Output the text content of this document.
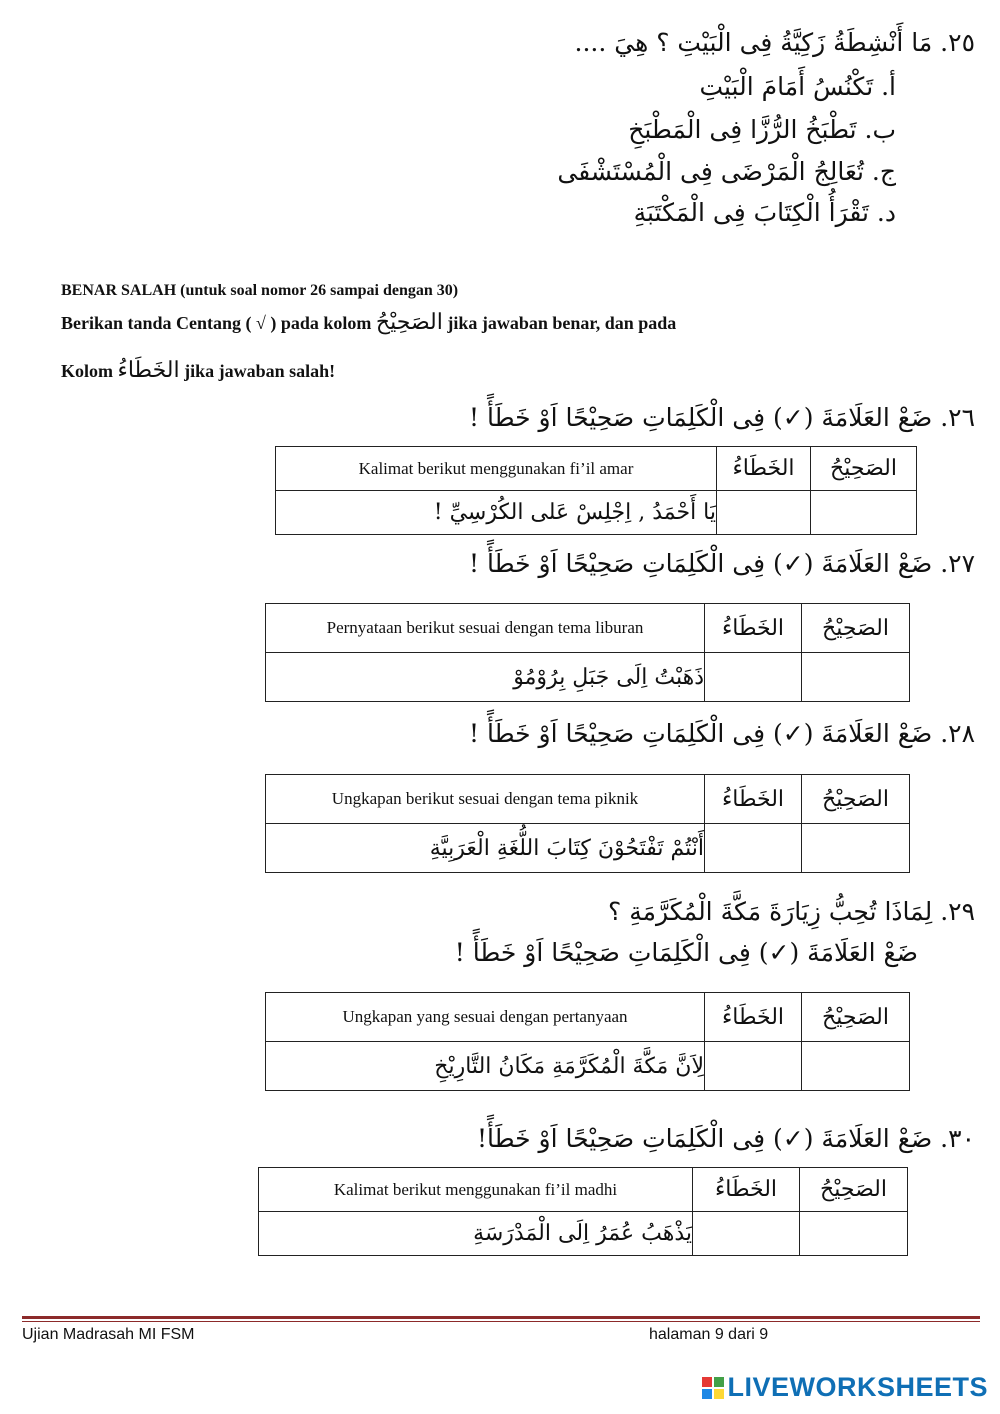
٢٥. مَا أَنْشِطَةُ زَكِيَّةُ فِى الْبَيْتِ ؟ هِيَ ....
أ. تَكْنُسُ أَمَامَ الْبَيْتِ
ب. تَطْبَخُ الرُّزَّا فِى الْمَطْبَخِ
ج. تُعَالِجُ الْمَرْضَى فِى الْمُسْتَشْفَى
د. تَقْرَأُ الْكِتَابَ فِى الْمَكْتَبَةِ
BENAR SALAH (untuk soal nomor 26 sampai dengan 30)
Berikan tanda Centang ( √ ) pada kolom الصَحِيْحُ jika jawaban benar, dan pada
Kolom الخَطَاءُ jika jawaban salah!
٢٦. ضَعْ العَلَامَةَ (✓) فِى الْكَلِمَاتِ صَحِيْحًا اَوْ خَطَأً !
Kalimat berikut menggunakan fi’il amar	الخَطَاءُ	الصَحِيْحُ
يَا أَحْمَدُ , اِجْلِسْ عَلى الكُرْسِيِّ !		
٢٧. ضَعْ العَلَامَةَ (✓) فِى الْكَلِمَاتِ صَحِيْحًا اَوْ خَطَأً !
Pernyataan berikut sesuai dengan tema liburan	الخَطَاءُ	الصَحِيْحُ
ذَهَبْتُ اِلَى جَبَلِ بِرُوْمُوْ		
٢٨. ضَعْ العَلَامَةَ (✓) فِى الْكَلِمَاتِ صَحِيْحًا اَوْ خَطَأً !
Ungkapan berikut sesuai dengan tema piknik	الخَطَاءُ	الصَحِيْحُ
أَنْتُمْ تَفْتَحُوْنَ كِتَابَ اللُّغَةِ الْعَرَبِيَّةِ		
٢٩. لِمَاذَا تُحِبُّ زِيَارَةَ مَكَّةَ الْمُكَرَّمَةِ ؟
ضَعْ العَلَامَةَ (✓) فِى الْكَلِمَاتِ صَحِيْحًا اَوْ خَطَأً !
Ungkapan yang sesuai dengan pertanyaan	الخَطَاءُ	الصَحِيْحُ
لِاَنَّ مَكَّةَ الْمُكَرَّمَةِ مَكَانُ التَّارِيْخِ		
٣٠. ضَعْ العَلَامَةَ (✓) فِى الْكَلِمَاتِ صَحِيْحًا اَوْ خَطَأً!
Kalimat berikut menggunakan fi’il madhi	الخَطَاءُ	الصَحِيْحُ
يَذْهَبُ عُمَرُ اِلَى الْمَدْرَسَةِ		
Ujian Madrasah MI FSM	halaman 9 dari 9
LIVEWORKSHEETS
